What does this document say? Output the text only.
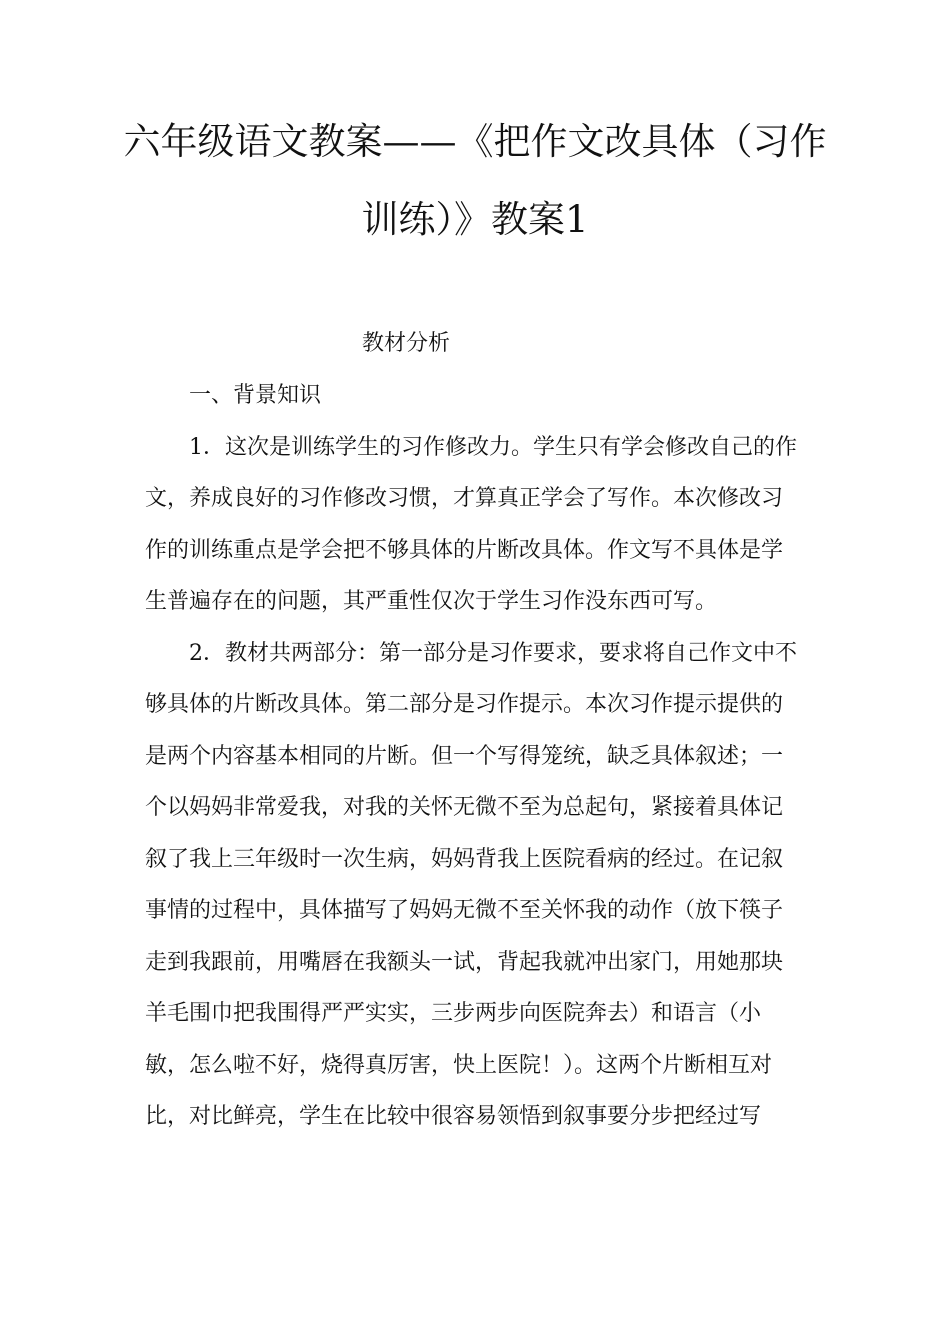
六年级语文教案——《把作文改具体（习作
训练）》教案1
教材分析
一、背景知识
1．这次是训练学生的习作修改力。学生只有学会修改自己的作
文，养成良好的习作修改习惯，才算真正学会了写作。本次修改习
作的训练重点是学会把不够具体的片断改具体。作文写不具体是学
生普遍存在的问题，其严重性仅次于学生习作没东西可写。
2．教材共两部分：第一部分是习作要求，要求将自己作文中不
够具体的片断改具体。第二部分是习作提示。本次习作提示提供的
是两个内容基本相同的片断。但一个写得笼统，缺乏具体叙述；一
个以妈妈非常爱我，对我的关怀无微不至为总起句，紧接着具体记
叙了我上三年级时一次生病，妈妈背我上医院看病的经过。在记叙
事情的过程中，具体描写了妈妈无微不至关怀我的动作（放下筷子
走到我跟前，用嘴唇在我额头一试，背起我就冲出家门，用她那块
羊毛围巾把我围得严严实实，三步两步向医院奔去）和语言（小
敏，怎么啦不好，烧得真厉害，快上医院！）。这两个片断相互对
比，对比鲜亮，学生在比较中很容易领悟到叙事要分步把经过写
